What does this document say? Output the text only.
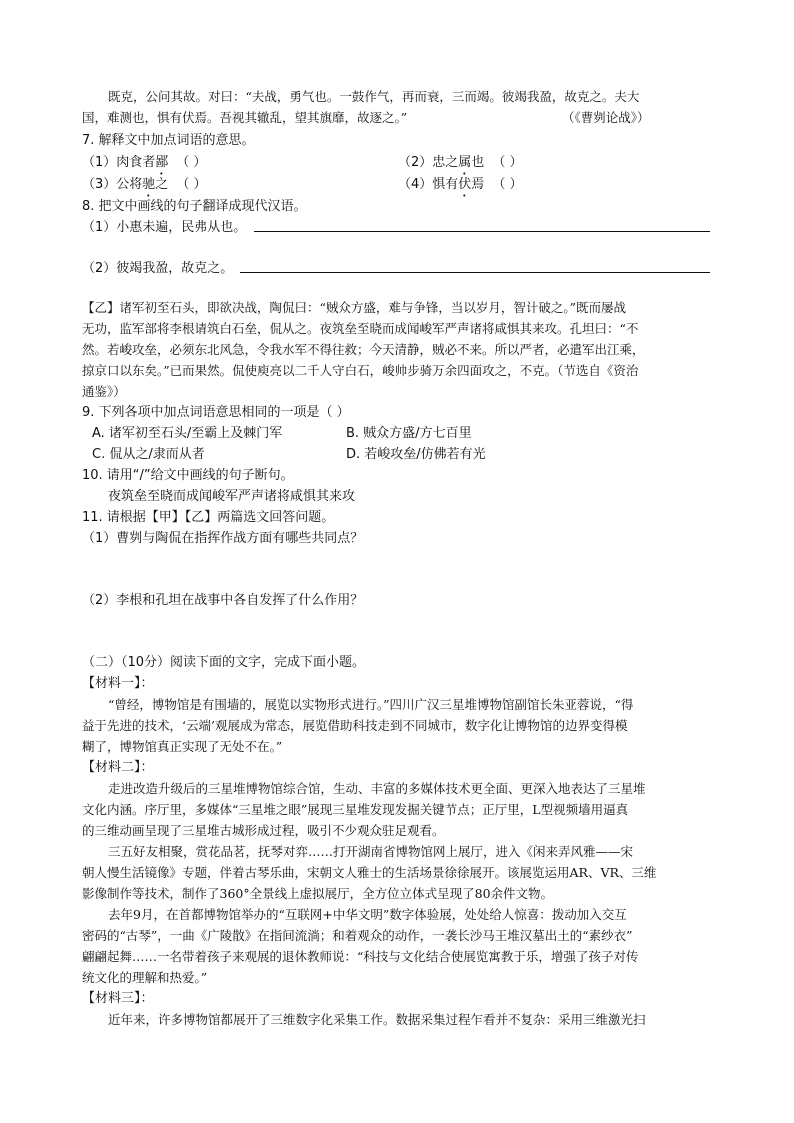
既克，公问其故。对曰：“夫战，勇气也。一鼓作气，再而衰，三而竭。彼竭我盈，故克之。夫大
国，难测也，惧有伏焉。吾视其辙乱，望其旗靡，故逐之。”	（《曹刿论战》）
7. 解释文中加点词语的意思。
（1）肉食者鄙 （ ）	（2）忠之属也 （ ）
（3）公将驰之 （ ）	（4）惧有伏焉 （ ）
8. 把文中画线的句子翻译成现代汉语。
（1）小惠未遍，民弗从也。
（2）彼竭我盈，故克之。
【乙】诸军初至石头，即欲决战，陶侃曰：“贼众方盛，难与争锋，当以岁月，智计破之。”既而屡战
无功，监军部将李根请筑白石垒，侃从之。夜筑垒至晓而成闻峻军严声诸将咸惧其来攻。孔坦曰：“不
然。若峻攻垒，必须东北风急，令我水军不得往救；今天清静，贼必不来。所以严者，必遣军出江乘，
掠京口以东矣。”已而果然。侃使庾亮以二千人守白石，峻帅步骑万余四面攻之，不克。（节选自《资治
通鉴》）
9. 下列各项中加点词语意思相同的一项是（ ）
A. 诸军初至石头/至霸上及棘门军	B. 贼众方盛/方七百里
C. 侃从之/隶而从者	D. 若峻攻垒/仿佛若有光
10. 请用“/”给文中画线的句子断句。
夜筑垒至晓而成闻峻军严声诸将咸惧其来攻
11. 请根据【甲】【乙】两篇选文回答问题。
（1）曹刿与陶侃在指挥作战方面有哪些共同点？
（2）李根和孔坦在战事中各自发挥了什么作用？
（二）（10分）阅读下面的文字，完成下面小题。
【材料一】：
“曾经，博物馆是有围墙的，展览以实物形式进行。”四川广汉三星堆博物馆副馆长朱亚蓉说，“得
益于先进的技术，‘云端’观展成为常态，展览借助科技走到不同城市，数字化让博物馆的边界变得模
糊了，博物馆真正实现了无处不在。”
【材料二】：
走进改造升级后的三星堆博物馆综合馆，生动、丰富的多媒体技术更全面、更深入地表达了三星堆
文化内涵。序厅里，多媒体“三星堆之眼”展现三星堆发现发掘关键节点；正厅里，L型视频墙用逼真
的三维动画呈现了三星堆古城形成过程，吸引不少观众驻足观看。
三五好友相聚，赏花品茗，抚琴对弈……打开湖南省博物馆网上展厅，进入《闲来弄风雅——宋
朝人慢生活镜像》专题，伴着古琴乐曲，宋朝文人雅士的生活场景徐徐展开。该展览运用AR、VR、三维
影像制作等技术，制作了360°全景线上虚拟展厅，全方位立体式呈现了80余件文物。
去年9月，在首都博物馆举办的“互联网+中华文明”数字体验展，处处给人惊喜：拨动加入交互
密码的“古琴”，一曲《广陵散》在指间流淌；和着观众的动作，一袭长沙马王堆汉墓出土的“素纱衣”
翩翩起舞……一名带着孩子来观展的退休教师说：“科技与文化结合使展览寓教于乐，增强了孩子对传
统文化的理解和热爱。”
【材料三】：
近年来，许多博物馆都展开了三维数字化采集工作。数据采集过程乍看并不复杂：采用三维激光扫
